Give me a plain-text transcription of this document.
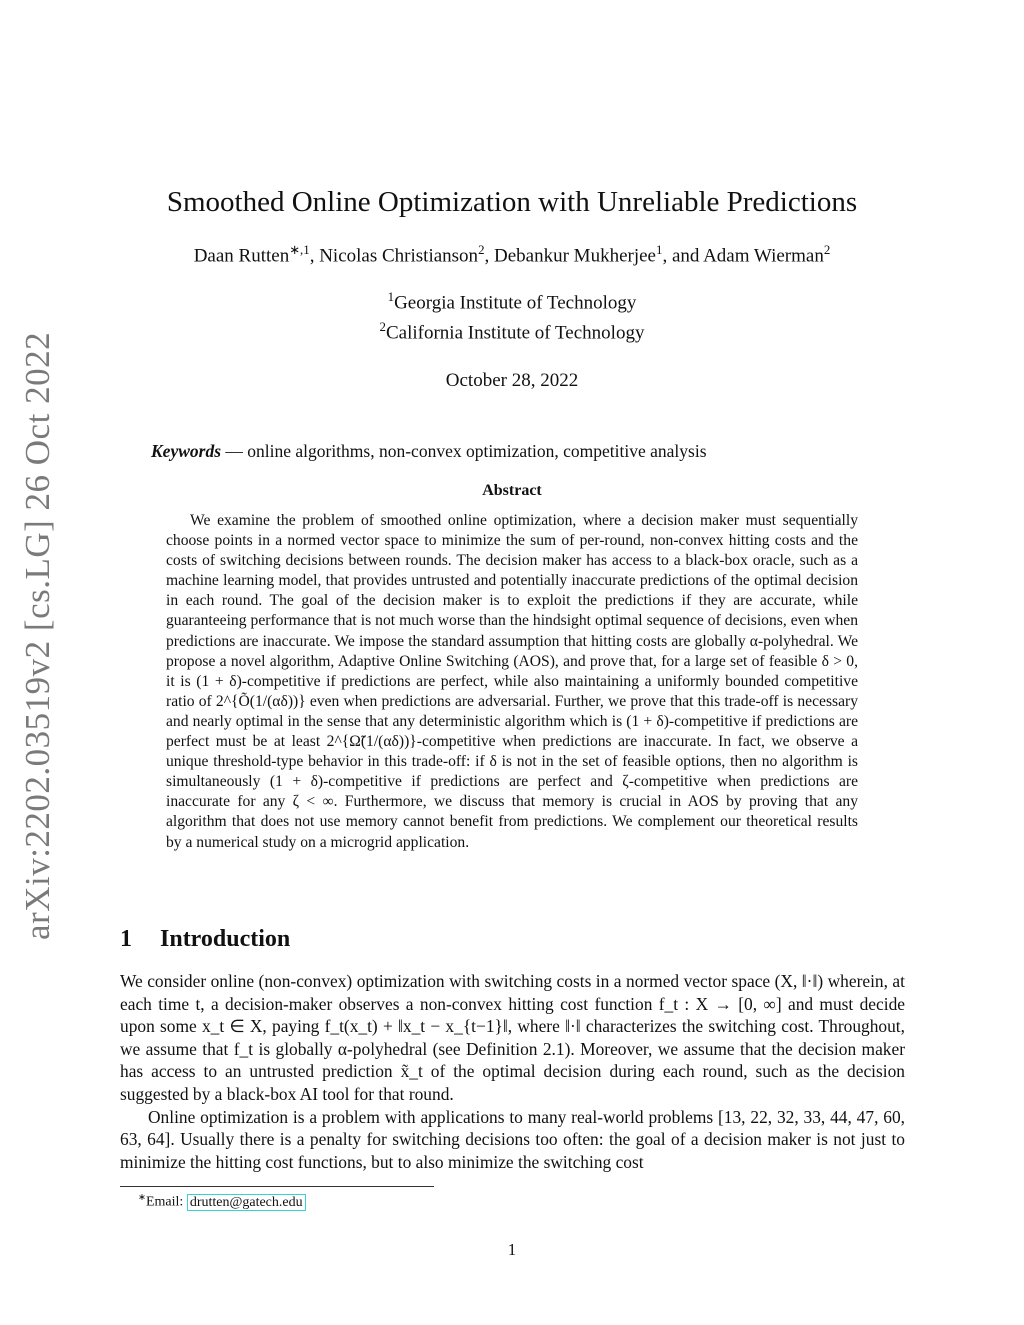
arXiv:2202.03519v2 [cs.LG] 26 Oct 2022
Smoothed Online Optimization with Unreliable Predictions
Daan Rutten$^{∗,1}$, Nicolas Christianson$^2$, Debankur Mukherjee$^1$, and Adam Wierman$^2$
$^1$Georgia Institute of Technology
$^2$California Institute of Technology
October 28, 2022
Keywords — online algorithms, non-convex optimization, competitive analysis
Abstract
We examine the problem of smoothed online optimization, where a decision maker must sequentially choose points in a normed vector space to minimize the sum of per-round, non-convex hitting costs and the costs of switching decisions between rounds. The decision maker has access to a black-box oracle, such as a machine learning model, that provides untrusted and potentially inaccurate predictions of the optimal decision in each round. The goal of the decision maker is to exploit the predictions if they are accurate, while guaranteeing performance that is not much worse than the hindsight optimal sequence of decisions, even when predictions are inaccurate. We impose the standard assumption that hitting costs are globally α-polyhedral. We propose a novel algorithm, Adaptive Online Switching (AOS), and prove that, for a large set of feasible δ > 0, it is (1 + δ)-competitive if predictions are perfect, while also maintaining a uniformly bounded competitive ratio of 2^{Õ(1/(αδ))} even when predictions are adversarial. Further, we prove that this trade-off is necessary and nearly optimal in the sense that any deterministic algorithm which is (1 + δ)-competitive if predictions are perfect must be at least 2^{Ω̃(1/(αδ))}-competitive when predictions are inaccurate. In fact, we observe a unique threshold-type behavior in this trade-off: if δ is not in the set of feasible options, then no algorithm is simultaneously (1 + δ)-competitive if predictions are perfect and ζ-competitive when predictions are inaccurate for any ζ < ∞. Furthermore, we discuss that memory is crucial in AOS by proving that any algorithm that does not use memory cannot benefit from predictions. We complement our theoretical results by a numerical study on a microgrid application.
1 Introduction

We consider online (non-convex) optimization with switching costs in a normed vector space (X, ‖·‖) wherein, at each time t, a decision-maker observes a non-convex hitting cost function f_t : X → [0, ∞] and must decide upon some x_t ∈ X, paying f_t(x_t) + ‖x_t − x_{t−1}‖, where ‖·‖ characterizes the switching cost. Throughout, we assume that f_t is globally α-polyhedral (see Definition 2.1). Moreover, we assume that the decision maker has access to an untrusted prediction x̃_t of the optimal decision during each round, such as the decision suggested by a black-box AI tool for that round.

Online optimization is a problem with applications to many real-world problems [13, 22, 32, 33, 44, 47, 60, 63, 64]. Usually there is a penalty for switching decisions too often: the goal of a decision maker is not just to minimize the hitting cost functions, but to also minimize the switching cost

∗Email: drutten@gatech.edu
1
